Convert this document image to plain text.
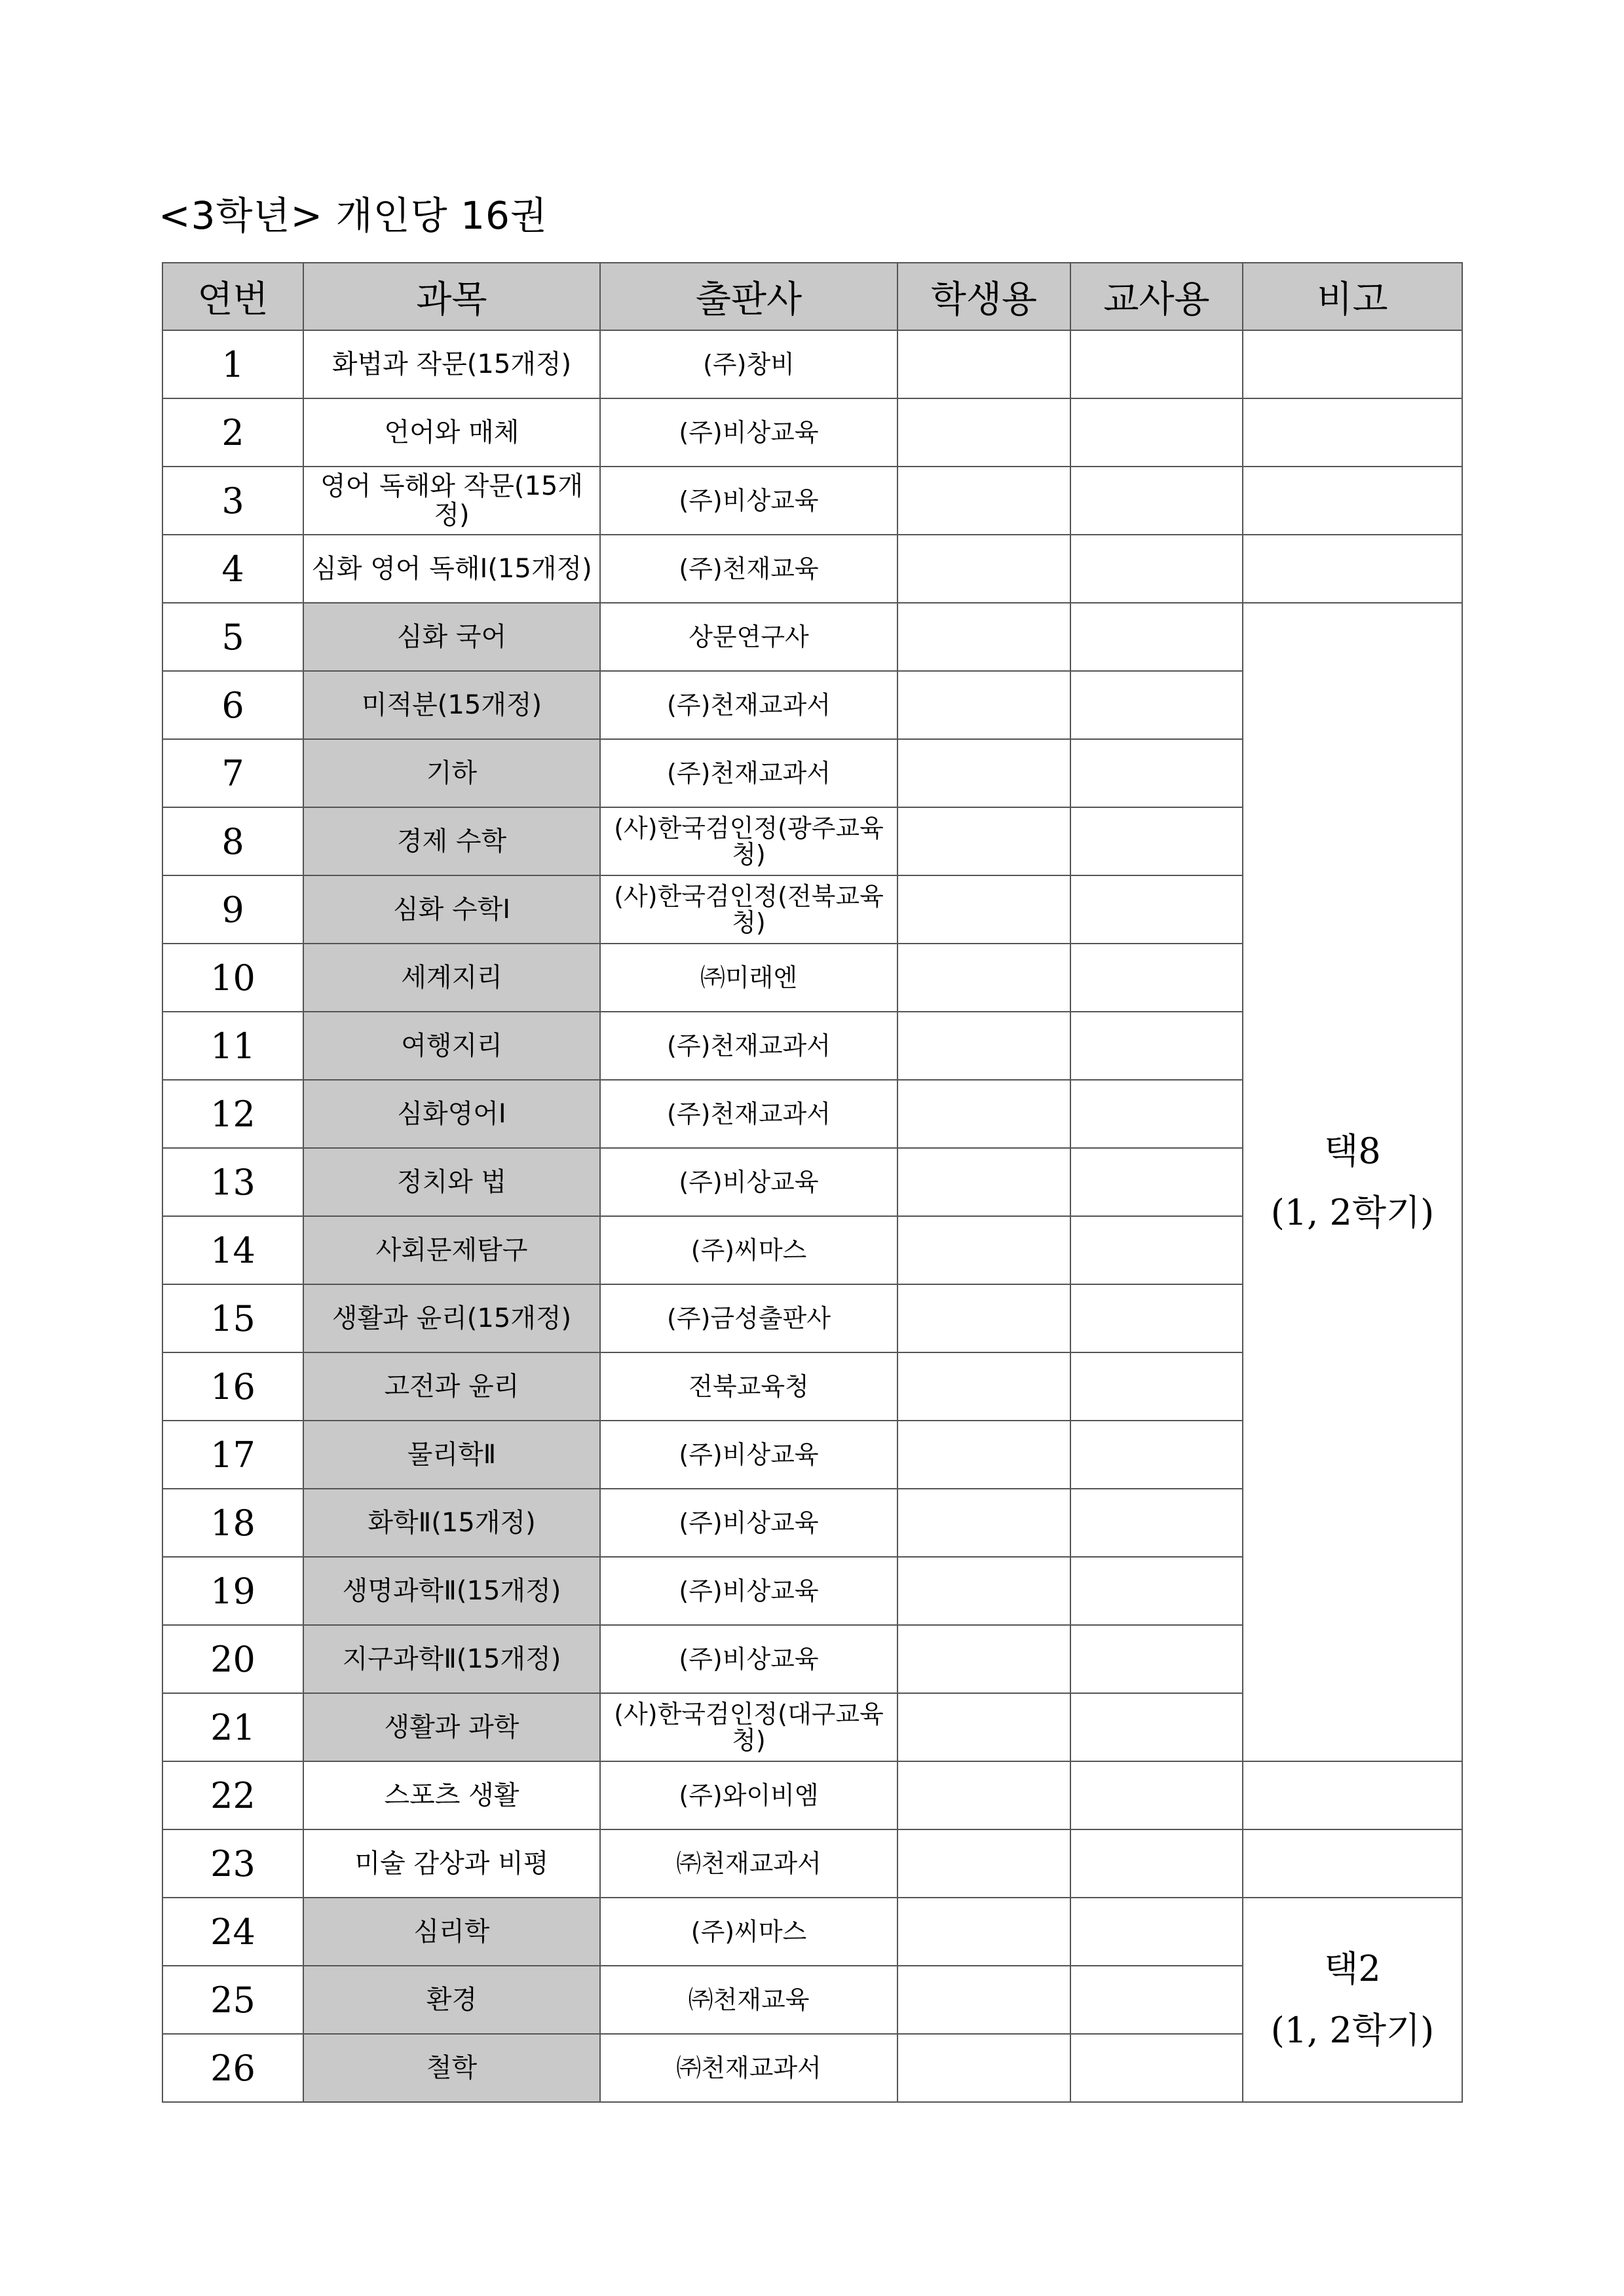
<3학년> 개인당 16권
연번	과목	출판사	학생용	교사용	비고
1	화법과 작문(15개정)	(주)창비			
2	언어와 매체	(주)비상교육			
3	영어 독해와 작문(15개정)	(주)비상교육			
4	심화 영어 독해Ⅰ(15개정)	(주)천재교육			
5	심화 국어	상문연구사			택8
(1, 2학기)

6	미적분(15개정)	(주)천재교과서			
7	기하	(주)천재교과서			
8	경제 수학	(사)한국검인정(광주교육청)			
9	심화 수학Ⅰ	(사)한국검인정(전북교육청)			
10	세계지리	㈜미래엔			
11	여행지리	(주)천재교과서			
12	심화영어Ⅰ	(주)천재교과서			
13	정치와 법	(주)비상교육			
14	사회문제탐구	(주)씨마스			
15	생활과 윤리(15개정)	(주)금성출판사			
16	고전과 윤리	전북교육청			
17	물리학Ⅱ	(주)비상교육			
18	화학Ⅱ(15개정)	(주)비상교육			
19	생명과학Ⅱ(15개정)	(주)비상교육			
20	지구과학Ⅱ(15개정)	(주)비상교육			
21	생활과 과학	(사)한국검인정(대구교육청)			
22	스포츠 생활	(주)와이비엠			
23	미술 감상과 비평	㈜천재교과서			
24	심리학	(주)씨마스			택2
(1, 2학기)

25	환경	㈜천재교육			
26	철학	㈜천재교과서			
